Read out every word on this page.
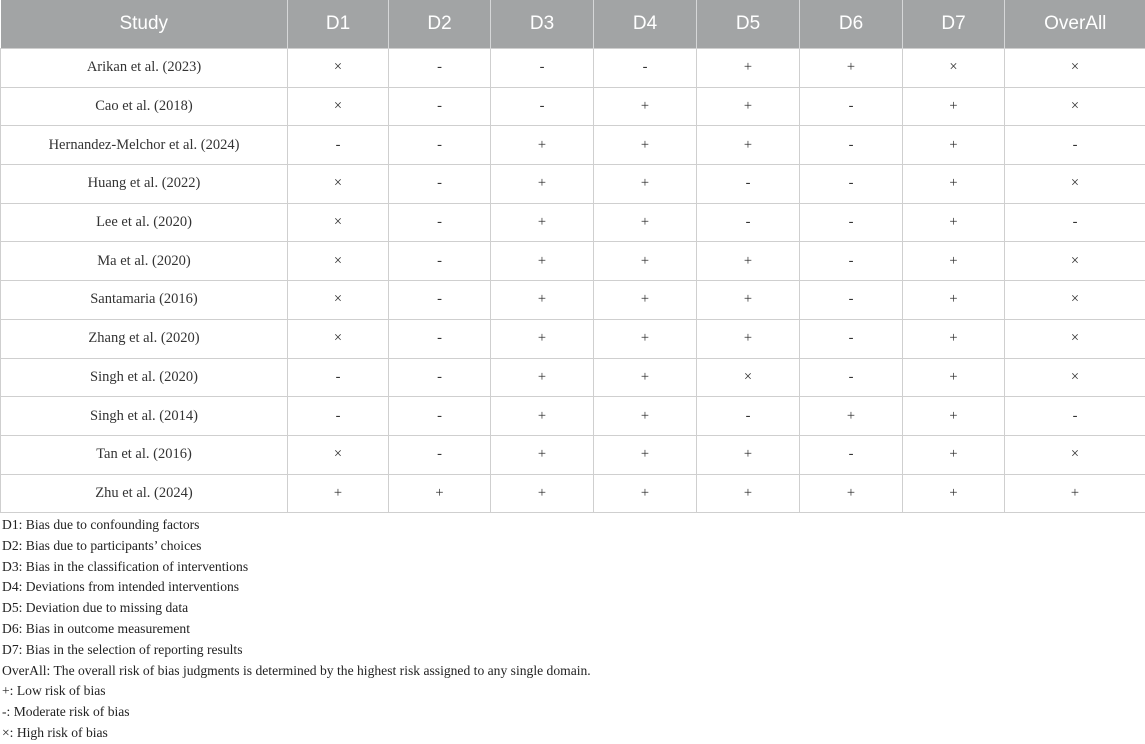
Study	D1	D2	D3	D4	D5	D6	D7	OverAll
Arikan et al. (2023)	×	-	-	-	+	+	×	×
Cao et al. (2018)	×	-	-	+	+	-	+	×
Hernandez-Melchor et al. (2024)	-	-	+	+	+	-	+	-
Huang et al. (2022)	×	-	+	+	-	-	+	×
Lee et al. (2020)	×	-	+	+	-	-	+	-
Ma et al. (2020)	×	-	+	+	+	-	+	×
Santamaria (2016)	×	-	+	+	+	-	+	×
Zhang et al. (2020)	×	-	+	+	+	-	+	×
Singh et al. (2020)	-	-	+	+	×	-	+	×
Singh et al. (2014)	-	-	+	+	-	+	+	-
Tan et al. (2016)	×	-	+	+	+	-	+	×
Zhu et al. (2024)	+	+	+	+	+	+	+	+
D1: Bias due to confounding factors
D2: Bias due to participants’ choices
D3: Bias in the classification of interventions
D4: Deviations from intended interventions
D5: Deviation due to missing data
D6: Bias in outcome measurement
D7: Bias in the selection of reporting results
OverAll: The overall risk of bias judgments is determined by the highest risk assigned to any single domain.
+: Low risk of bias
-: Moderate risk of bias
×: High risk of bias
